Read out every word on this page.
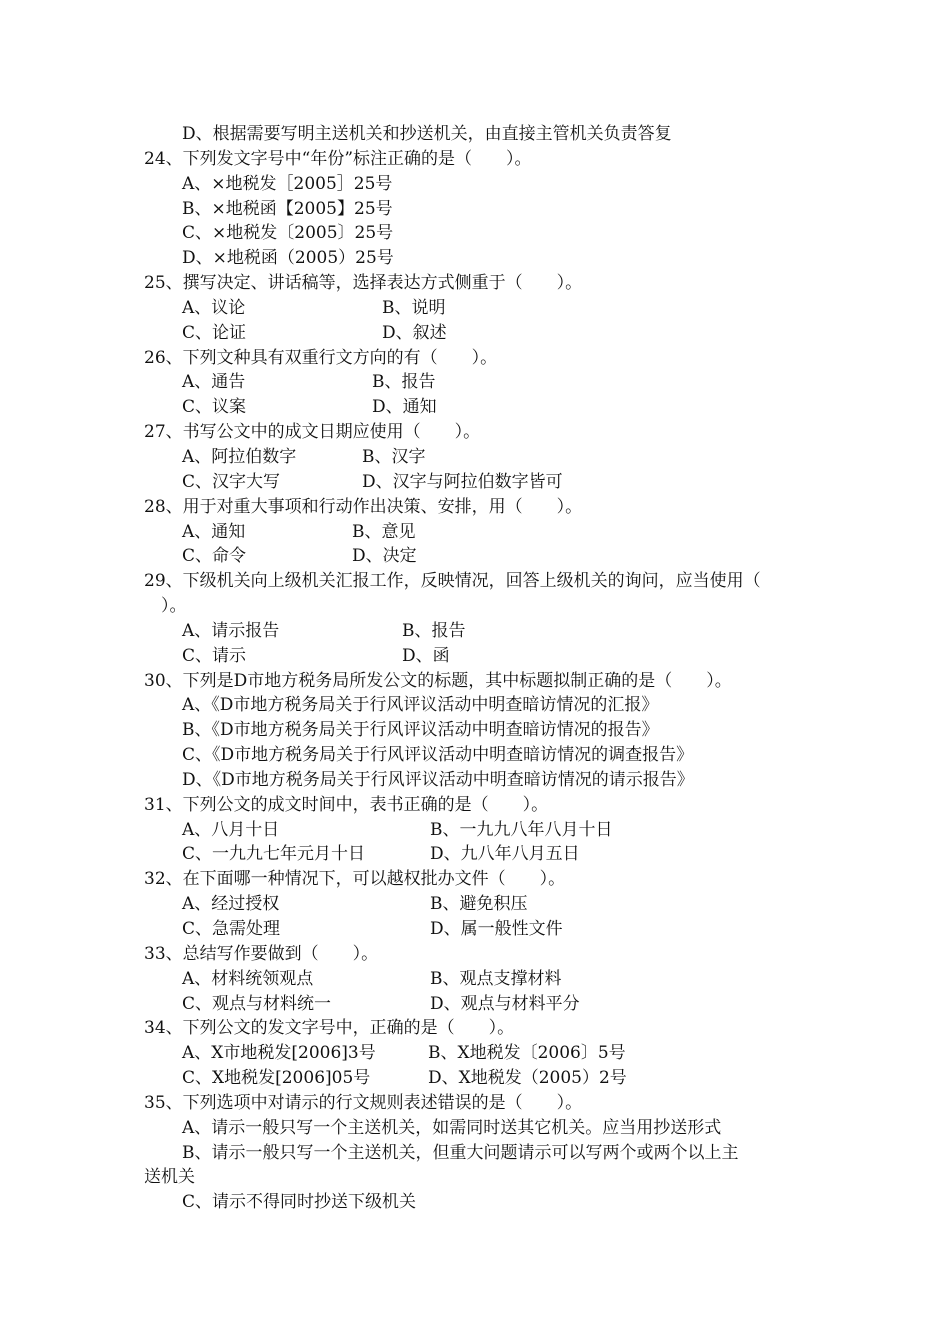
D、根据需要写明主送机关和抄送机关，由直接主管机关负责答复
24、下列发文字号中“年份”标注正确的是（　　）。
A、×地税发［2005］25号
B、×地税函【2005】25号
C、×地税发〔2005〕25号
D、×地税函（2005）25号
25、撰写决定、讲话稿等，选择表达方式侧重于（　　）。
A、议论	B、说明
C、论证	D、叙述
26、下列文种具有双重行文方向的有（　　）。
A、通告	B、报告
C、议案	D、通知
27、书写公文中的成文日期应使用（　　）。
A、阿拉伯数字	B、汉字
C、汉字大写	D、汉字与阿拉伯数字皆可
28、用于对重大事项和行动作出决策、安排，用（　　）。
A、通知	B、意见
C、命令	D、决定
29、下级机关向上级机关汇报工作，反映情况，回答上级机关的询问，应当使用（
　）。
A、请示报告	B、报告
C、请示	D、函
30、下列是D市地方税务局所发公文的标题，其中标题拟制正确的是（　　）。
A、《D市地方税务局关于行风评议活动中明查暗访情况的汇报》
B、《D市地方税务局关于行风评议活动中明查暗访情况的报告》
C、《D市地方税务局关于行风评议活动中明查暗访情况的调查报告》
D、《D市地方税务局关于行风评议活动中明查暗访情况的请示报告》
31、下列公文的成文时间中，表书正确的是（　　）。
A、八月十日	B、一九九八年八月十日
C、一九九七年元月十日	D、九八年八月五日
32、在下面哪一种情况下，可以越权批办文件（　　）。
A、经过授权	B、避免积压
C、急需处理	D、属一般性文件
33、总结写作要做到（　　）。
A、材料统领观点	B、观点支撑材料
C、观点与材料统一	D、观点与材料平分
34、下列公文的发文字号中，正确的是（　　）。
A、X市地税发[2006]3号	B、X地税发〔2006〕5号
C、X地税发[2006]05号	D、X地税发（2005）2号
35、下列选项中对请示的行文规则表述错误的是（　　）。
A、请示一般只写一个主送机关，如需同时送其它机关。应当用抄送形式
B、请示一般只写一个主送机关，但重大问题请示可以写两个或两个以上主
送机关
C、请示不得同时抄送下级机关
